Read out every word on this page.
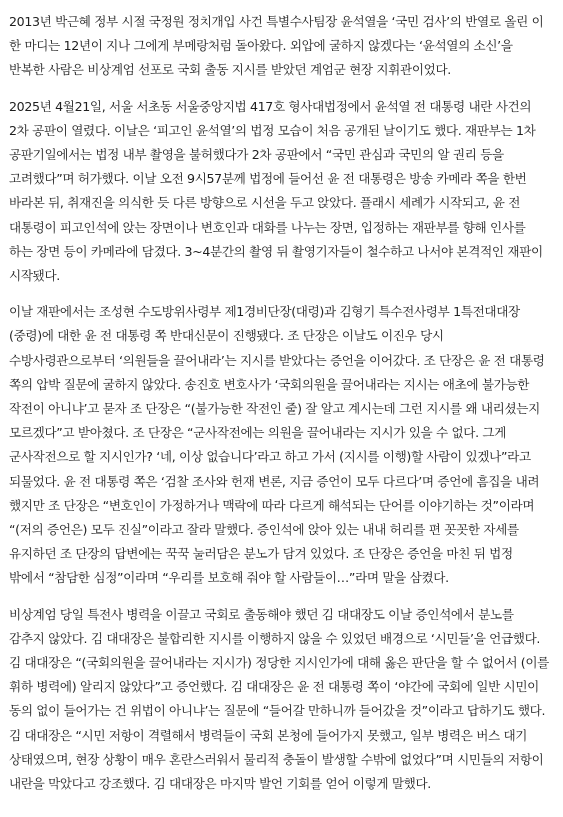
2013년 박근혜 정부 시절 국정원 정치개입 사건 특별수사팀장 윤석열을 ‘국민 검사’의 반열로 올린 이 한 마디는 12년이 지나 그에게 부메랑처럼 돌아왔다. 외압에 굴하지 않겠다는 ‘윤석열의 소신’을 반복한 사람은 비상계엄 선포로 국회 출동 지시를 받았던 계엄군 현장 지휘관이었다.

2025년 4월21일, 서울 서초동 서울중앙지법 417호 형사대법정에서 윤석열 전 대통령 내란 사건의 2차 공판이 열렸다. 이날은 ‘피고인 윤석열’의 법정 모습이 처음 공개된 날이기도 했다. 재판부는 1차 공판기일에서는 법정 내부 촬영을 불허했다가 2차 공판에서 “국민 관심과 국민의 알 권리 등을 고려했다”며 허가했다. 이날 오전 9시57분께 법정에 들어선 윤 전 대통령은 방송 카메라 쪽을 한번 바라본 뒤, 취재진을 의식한 듯 다른 방향으로 시선을 두고 앉았다. 플래시 세례가 시작되고, 윤 전 대통령이 피고인석에 앉는 장면이나 변호인과 대화를 나누는 장면, 입정하는 재판부를 향해 인사를 하는 장면 등이 카메라에 담겼다. 3~4분간의 촬영 뒤 촬영기자들이 철수하고 나서야 본격적인 재판이 시작됐다.

이날 재판에서는 조성현 수도방위사령부 제1경비단장(대령)과 김형기 특수전사령부 1특전대대장(중령)에 대한 윤 전 대통령 쪽 반대신문이 진행됐다. 조 단장은 이날도 이진우 당시 수방사령관으로부터 ‘의원들을 끌어내라’는 지시를 받았다는 증언을 이어갔다. 조 단장은 윤 전 대통령 쪽의 압박 질문에 굴하지 않았다. 송진호 변호사가 ‘국회의원을 끌어내라는 지시는 애초에 불가능한 작전이 아니냐’고 묻자 조 단장은 “(불가능한 작전인 줄) 잘 알고 계시는데 그런 지시를 왜 내리셨는지 모르겠다”고 받아쳤다. 조 단장은 “군사작전에는 의원을 끌어내라는 지시가 있을 수 없다. 그게 군사작전으로 할 지시인가? ‘네, 이상 없습니다’라고 하고 가서 (지시를 이행)할 사람이 있겠나”라고 되물었다. 윤 전 대통령 쪽은 ‘검찰 조사와 헌재 변론, 지금 증언이 모두 다르다’며 증언에 흠집을 내려 했지만 조 단장은 “변호인이 가정하거나 맥락에 따라 다르게 해석되는 단어를 이야기하는 것”이라며 “(저의 증언은) 모두 진실”이라고 잘라 말했다. 증인석에 앉아 있는 내내 허리를 편 꼿꼿한 자세를 유지하던 조 단장의 답변에는 꾹꾹 눌러담은 분노가 담겨 있었다. 조 단장은 증언을 마친 뒤 법정 밖에서 “참담한 심정”이라며 “우리를 보호해 줘야 할 사람들이…”라며 말을 삼켰다.

비상계엄 당일 특전사 병력을 이끌고 국회로 출동해야 했던 김 대대장도 이날 증인석에서 분노를 감추지 않았다. 김 대대장은 불합리한 지시를 이행하지 않을 수 있었던 배경으로 ‘시민들’을 언급했다. 김 대대장은 “(국회의원을 끌어내라는 지시가) 정당한 지시인가에 대해 옳은 판단을 할 수 없어서 (이를 휘하 병력에) 알리지 않았다”고 증언했다. 김 대대장은 윤 전 대통령 쪽이 ‘야간에 국회에 일반 시민이 동의 없이 들어가는 건 위법이 아니냐’는 질문에 “들어갈 만하니까 들어갔을 것”이라고 답하기도 했다. 김 대대장은 “시민 저항이 격렬해서 병력들이 국회 본청에 들어가지 못했고, 일부 병력은 버스 대기 상태였으며, 현장 상황이 매우 혼란스러워서 물리적 충돌이 발생할 수밖에 없었다”며 시민들의 저항이 내란을 막았다고 강조했다. 김 대대장은 마지막 발언 기회를 얻어 이렇게 말했다.
